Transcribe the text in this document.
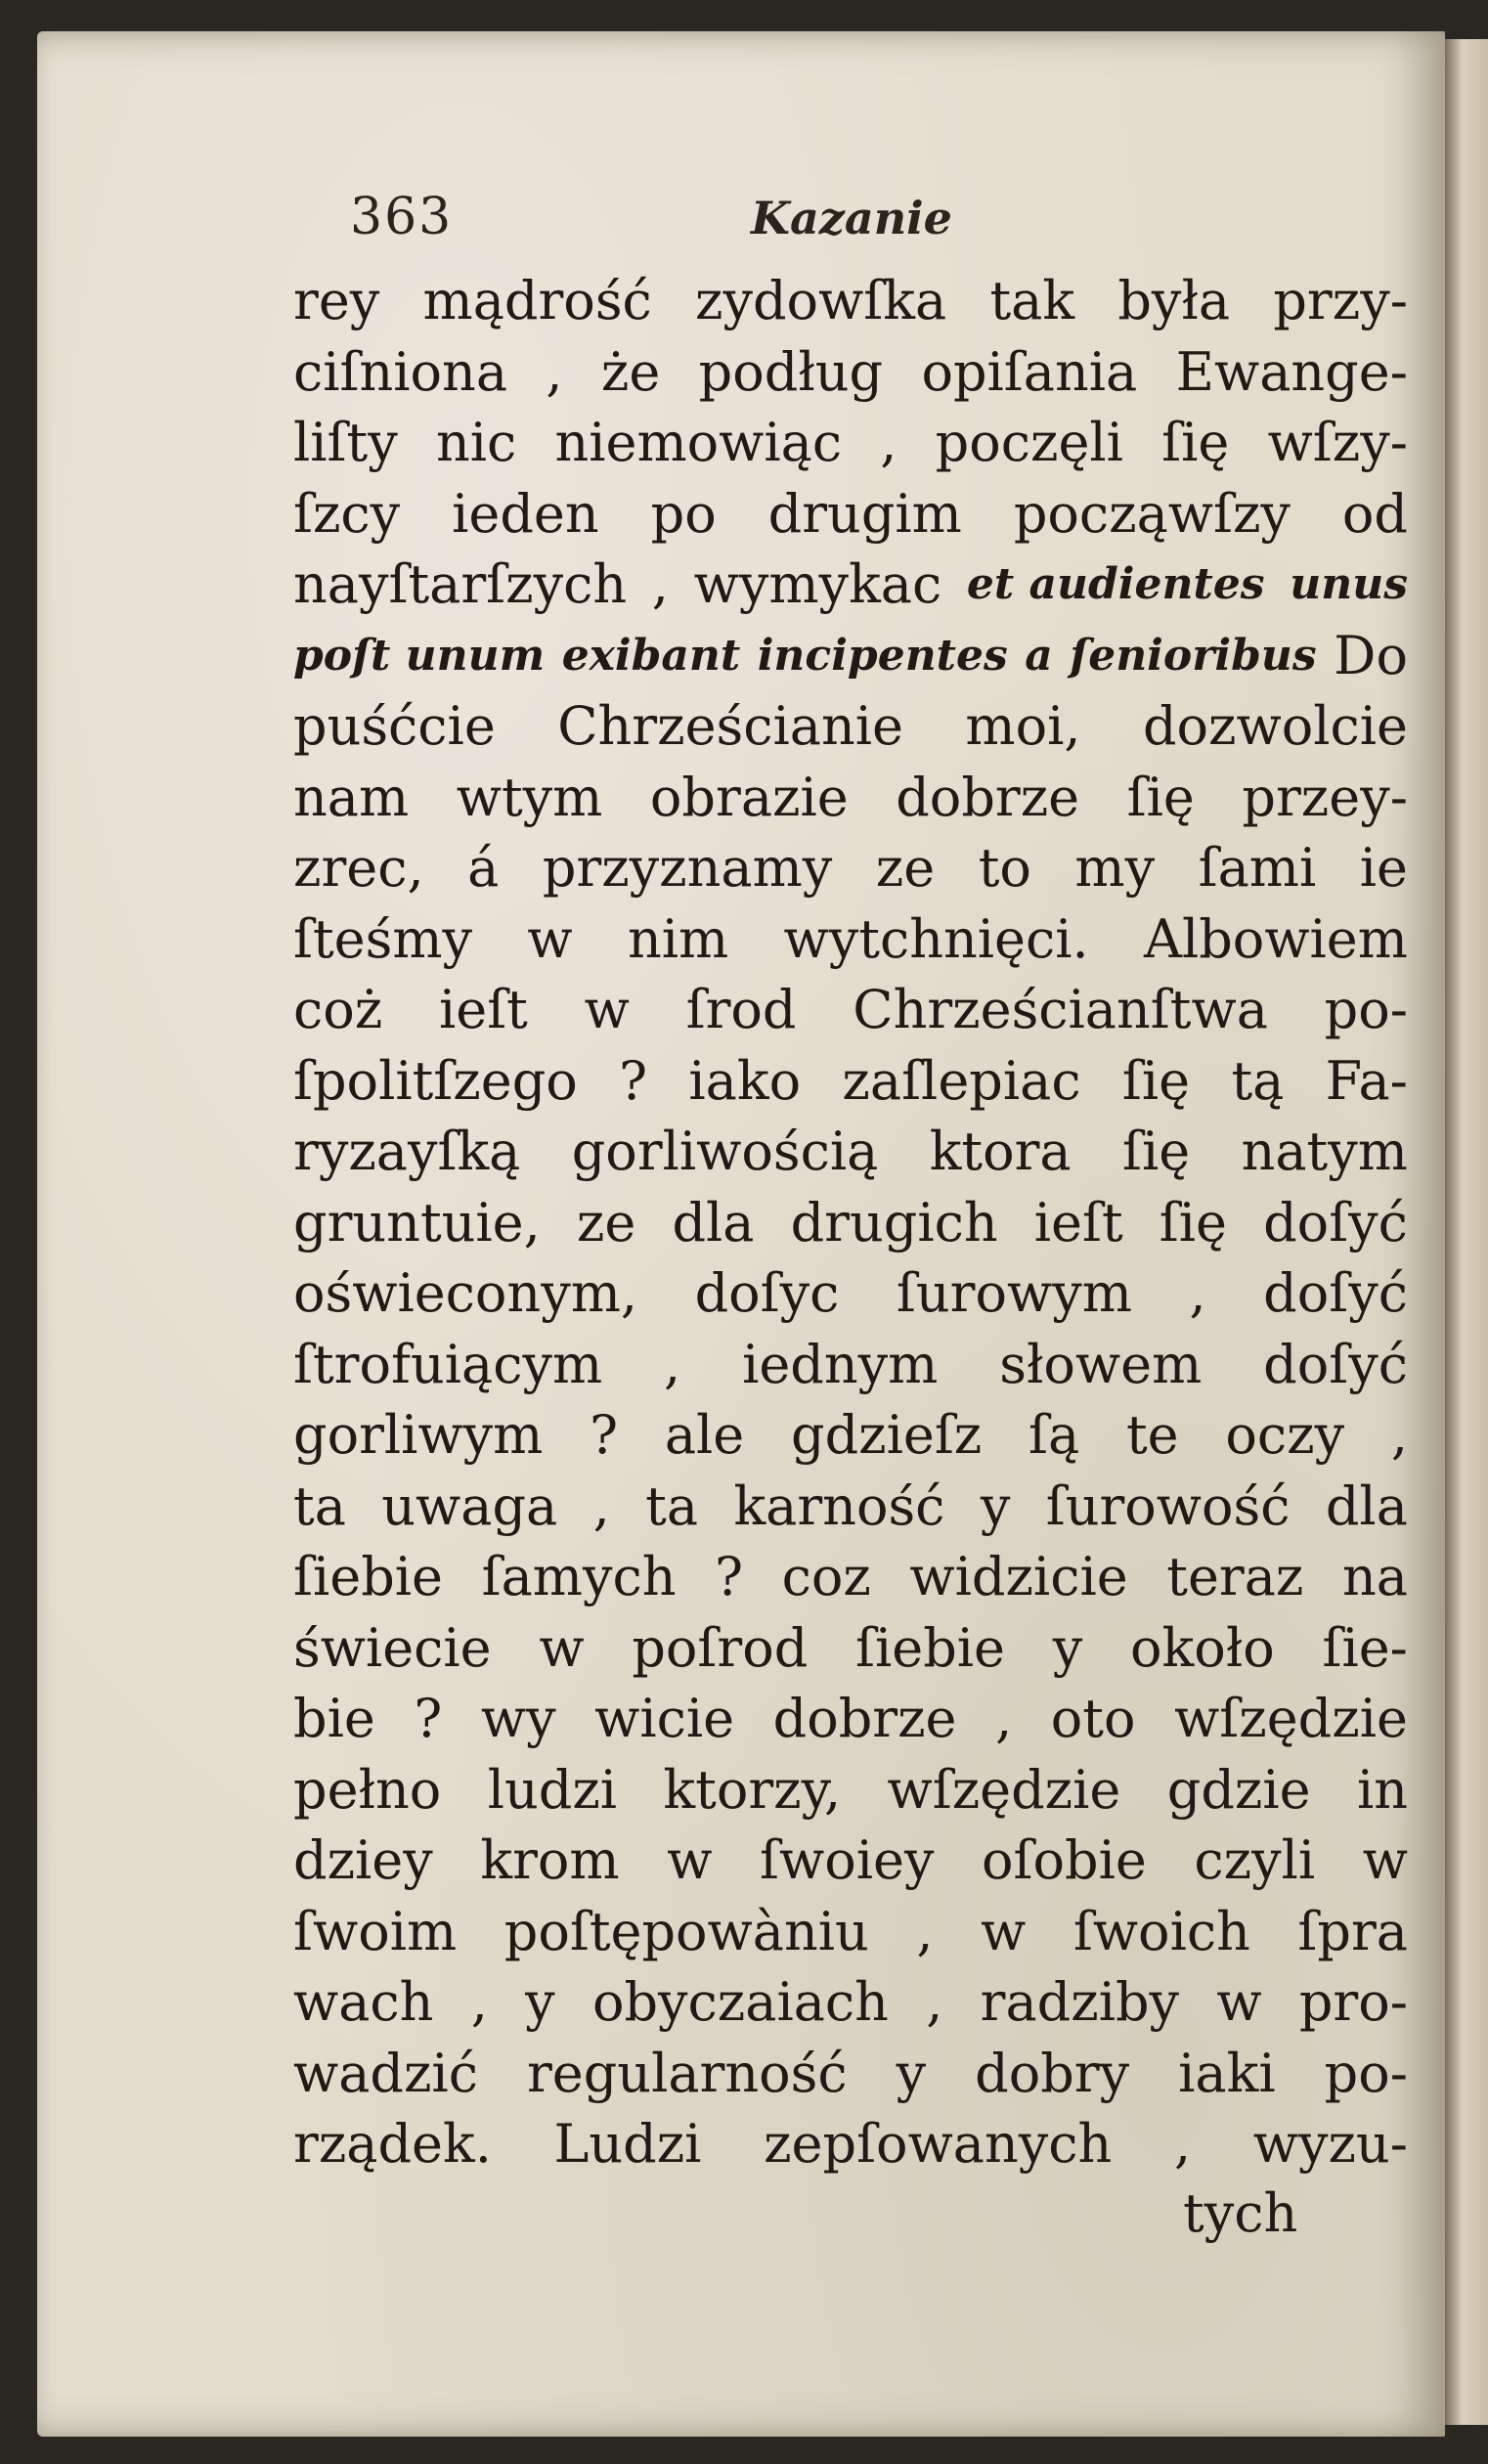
363	Kazanie
rey mądrość zydowſka tak była przy-
ciſniona , że podług opiſania Ewange-
liſty nic niemowiąc , poczęli ſię wſzy-
ſzcy ieden po drugim począwſzy od
nayſtarſzych , wymykac et audientes unus
poſt unum exibant incipentes a ſenioribus Do
puśćcie Chrześcianie moi, dozwolcie
nam wtym obrazie dobrze ſię przey-
zrec, á przyznamy ze to my ſami ie
ſteśmy w nim wytchnięci. Albowiem
coż ieſt w ſrod Chrześcianſtwa po-
ſpolitſzego ? iako zaſlepiac ſię tą Fa-
ryzayſką gorliwością ktora ſię natym
gruntuie, ze dla drugich ieſt ſię doſyć
oświeconym, doſyc ſurowym , doſyć
ſtrofuiącym , iednym słowem doſyć
gorliwym ? ale gdzieſz ſą te oczy ,
ta uwaga , ta karność y ſurowość dla
ſiebie ſamych ? coz widzicie teraz na
świecie w poſrod ſiebie y około ſie-
bie ? wy wicie dobrze , oto wſzędzie
pełno ludzi ktorzy, wſzędzie gdzie in
dziey krom w ſwoiey oſobie czyli w
ſwoim poſtępowàniu , w ſwoich ſpra
wach , y obyczaiach , radziby w pro-
wadzić regularność y dobry iaki po-
rządek. Ludzi zepſowanych , wyzu-
tych
